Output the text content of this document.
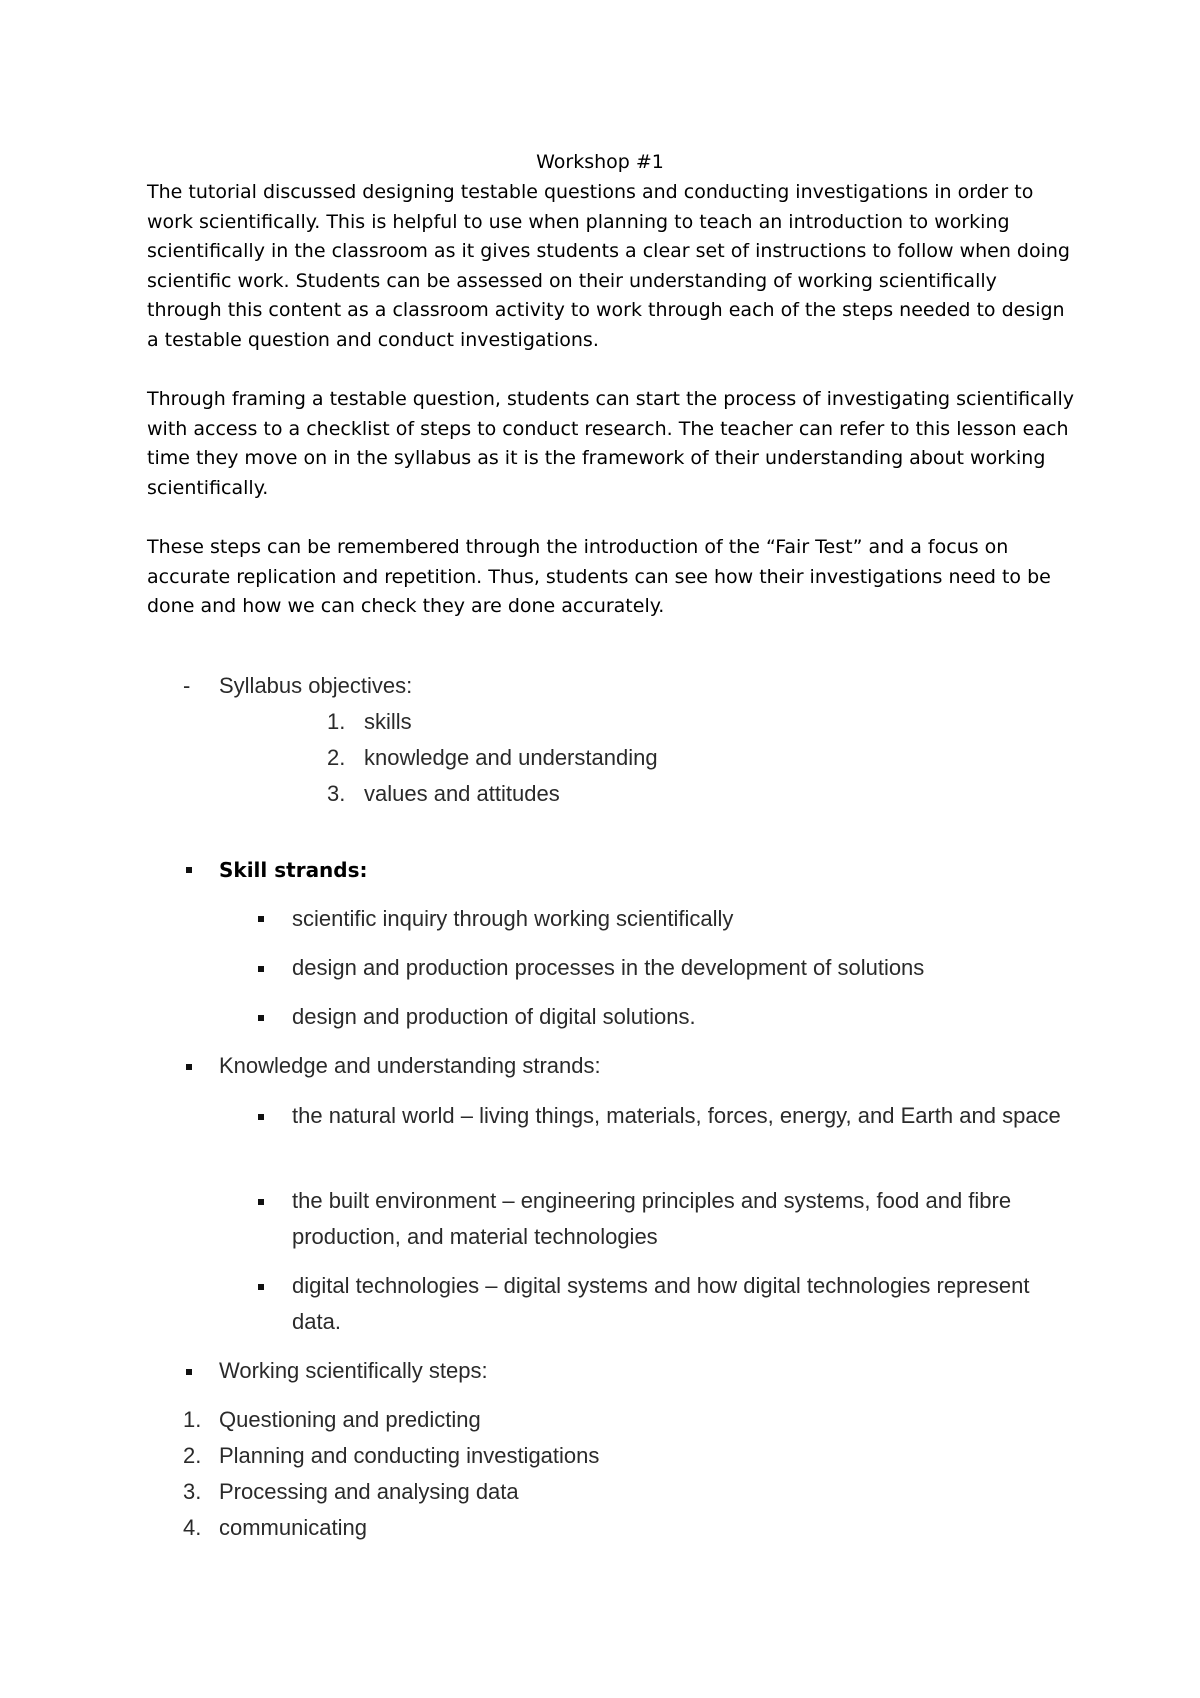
Workshop #1

The tutorial discussed designing testable questions and conducting investigations in order to work scientifically. This is helpful to use when planning to teach an introduction to working scientifically in the classroom as it gives students a clear set of instructions to follow when doing scientific work. Students can be assessed on their understanding of working scientifically through this content as a classroom activity to work through each of the steps needed to design a testable question and conduct investigations.

Through framing a testable question, students can start the process of investigating scientifically with access to a checklist of steps to conduct research. The teacher can refer to this lesson each time they move on in the syllabus as it is the framework of their understanding about working scientifically.

These steps can be remembered through the introduction of the “Fair Test” and a focus on accurate replication and repetition. Thus, students can see how their investigations need to be done and how we can check they are done accurately.

- Syllabus objectives:
1. skills
2. knowledge and understanding
3. values and attitudes
Skill strands:
scientific inquiry through working scientifically
design and production processes in the development of solutions
design and production of digital solutions.
Knowledge and understanding strands:
the natural world – living things, materials, forces, energy, and Earth and space
the built environment – engineering principles and systems, food and fibre production, and material technologies
digital technologies – digital systems and how digital technologies represent data.
Working scientifically steps:
1. Questioning and predicting
2. Planning and conducting investigations
3. Processing and analysing data
4. communicating
